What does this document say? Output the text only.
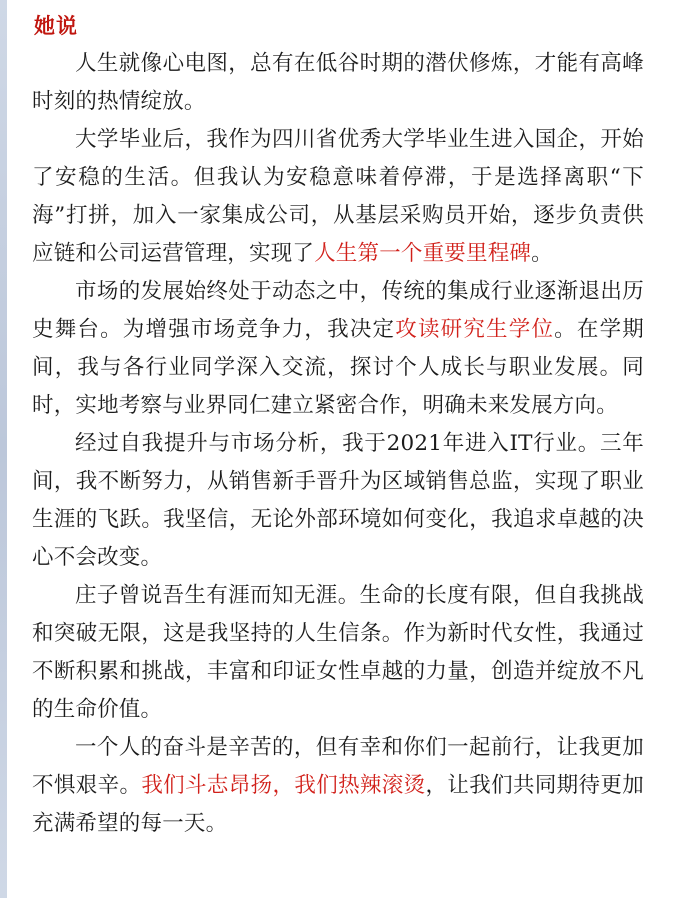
她说

人生就像心电图，总有在低谷时期的潜伏修炼，才能有高峰时刻的热情绽放。

大学毕业后，我作为四川省优秀大学毕业生进入国企，开始了安稳的生活。但我认为安稳意味着停滞，于是选择离职“下海”打拼，加入一家集成公司，从基层采购员开始，逐步负责供应链和公司运营管理，实现了人生第一个重要里程碑。

市场的发展始终处于动态之中，传统的集成行业逐渐退出历史舞台。为增强市场竞争力，我决定攻读研究生学位。在学期间，我与各行业同学深入交流，探讨个人成长与职业发展。同时，实地考察与业界同仁建立紧密合作，明确未来发展方向。

经过自我提升与市场分析，我于2021年进入IT行业。三年间，我不断努力，从销售新手晋升为区域销售总监，实现了职业生涯的飞跃。我坚信，无论外部环境如何变化，我追求卓越的决心不会改变。

庄子曾说吾生有涯而知无涯。生命的长度有限，但自我挑战和突破无限，这是我坚持的人生信条。作为新时代女性，我通过不断积累和挑战，丰富和印证女性卓越的力量，创造并绽放不凡的生命价值。

一个人的奋斗是辛苦的，但有幸和你们一起前行，让我更加不惧艰辛。我们斗志昂扬，我们热辣滚烫，让我们共同期待更加充满希望的每一天。
